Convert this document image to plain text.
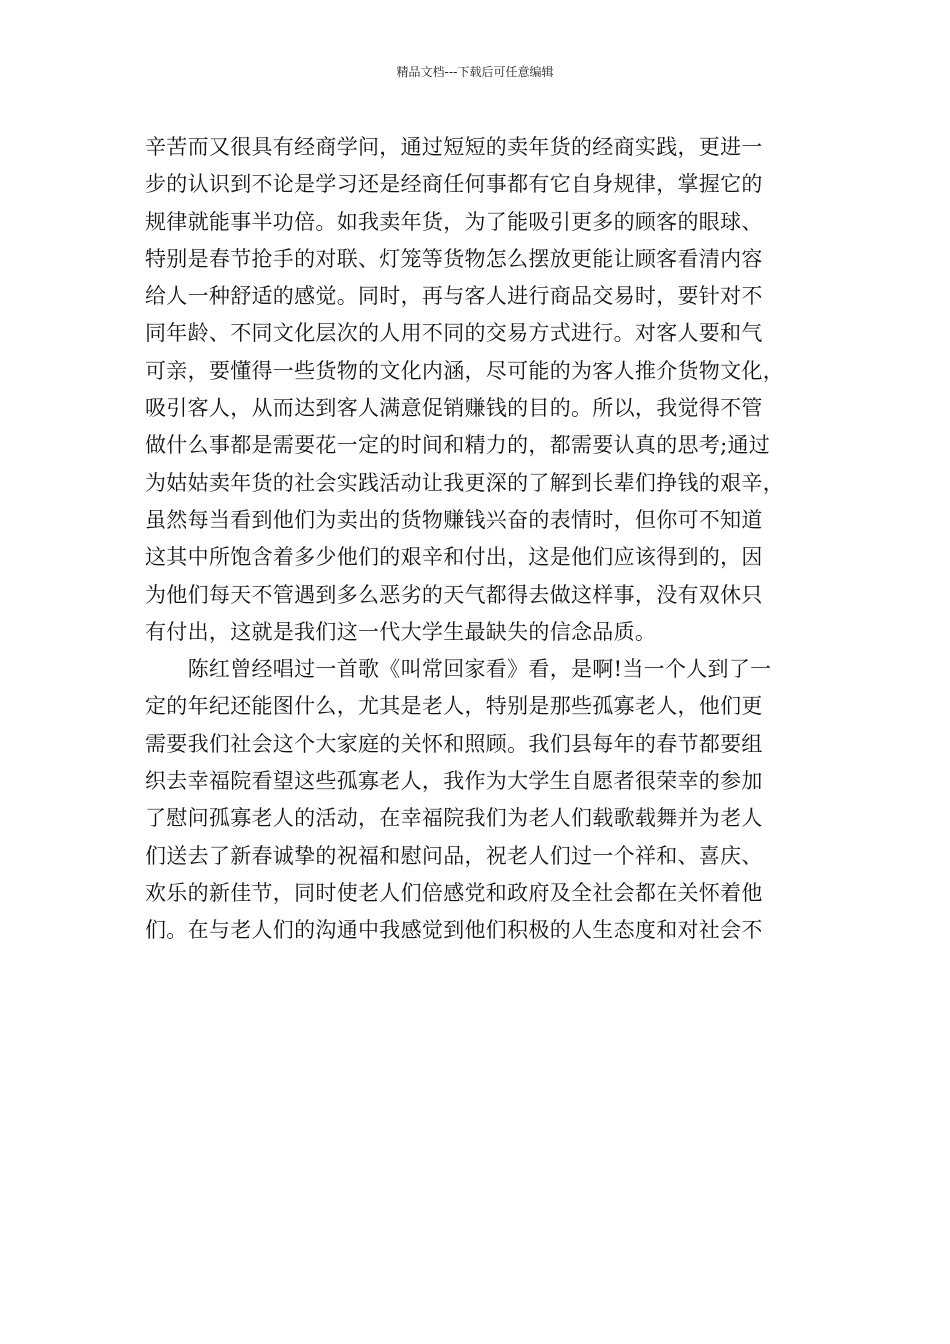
精品文档---下载后可任意编辑
辛苦而又很具有经商学问，通过短短的卖年货的经商实践，更进一
步的认识到不论是学习还是经商任何事都有它自身规律，掌握它的
规律就能事半功倍。如我卖年货，为了能吸引更多的顾客的眼球、
特别是春节抢手的对联、灯笼等货物怎么摆放更能让顾客看清内容
给人一种舒适的感觉。同时，再与客人进行商品交易时，要针对不
同年龄、不同文化层次的人用不同的交易方式进行。对客人要和气
可亲，要懂得一些货物的文化内涵，尽可能的为客人推介货物文化，
吸引客人，从而达到客人满意促销赚钱的目的。所以，我觉得不管
做什么事都是需要花一定的时间和精力的，都需要认真的思考;通过
为姑姑卖年货的社会实践活动让我更深的了解到长辈们挣钱的艰辛，
虽然每当看到他们为卖出的货物赚钱兴奋的表情时，但你可不知道
这其中所饱含着多少他们的艰辛和付出，这是他们应该得到的，因
为他们每天不管遇到多么恶劣的天气都得去做这样事，没有双休只
有付出，这就是我们这一代大学生最缺失的信念品质。
　　陈红曾经唱过一首歌《叫常回家看》看，是啊!当一个人到了一
定的年纪还能图什么，尤其是老人，特别是那些孤寡老人，他们更
需要我们社会这个大家庭的关怀和照顾。我们县每年的春节都要组
织去幸福院看望这些孤寡老人，我作为大学生自愿者很荣幸的参加
了慰问孤寡老人的活动，在幸福院我们为老人们载歌载舞并为老人
们送去了新春诚挚的祝福和慰问品，祝老人们过一个祥和、喜庆、
欢乐的新佳节，同时使老人们倍感党和政府及全社会都在关怀着他
们。在与老人们的沟通中我感觉到他们积极的人生态度和对社会不
